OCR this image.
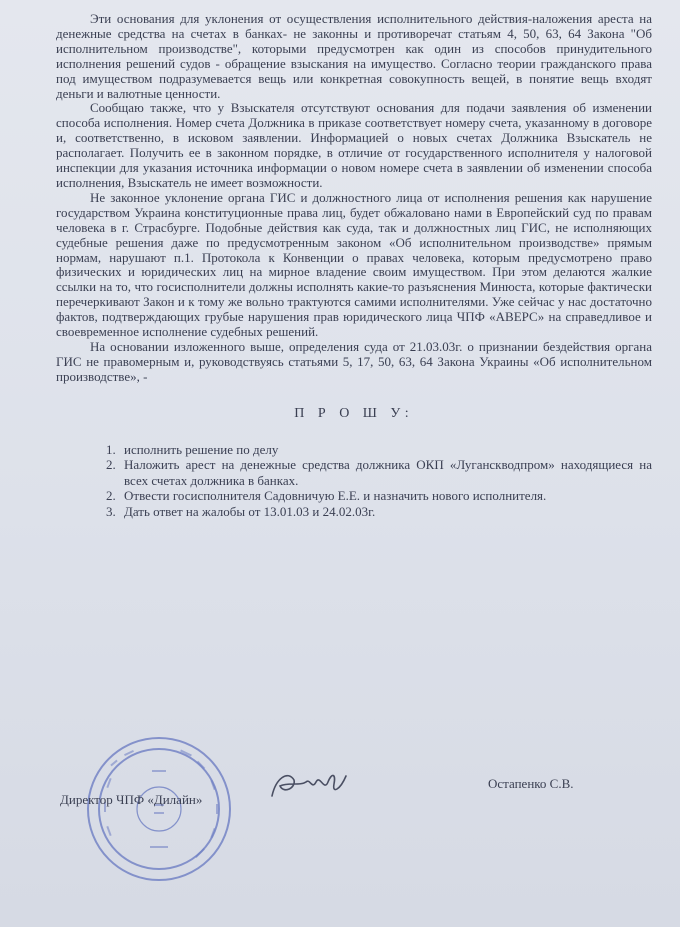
Эти основания для уклонения от осуществления исполнительного действия-наложения ареста на денежные средства на счетах в банках- не законны и противоречат статьям 4, 50, 63, 64 Закона "Об исполнительном производстве", которыми предусмотрен как один из способов принудительного исполнения решений судов - обращение взыскания на имущество. Согласно теории гражданского права под имуществом подразумевается вещь или конкретная совокупность вещей, в понятие вещь входят деньги и валютные ценности.

Сообщаю также, что у Взыскателя отсутствуют основания для подачи заявления об изменении способа исполнения. Номер счета Должника в приказе соответствует номеру счета, указанному в договоре и, соответственно, в исковом заявлении. Информацией о новых счетах Должника Взыскатель не располагает. Получить ее в законном порядке, в отличие от государственного исполнителя у налоговой инспекции для указания источника информации о новом номере счета в заявлении об изменении способа исполнения, Взыскатель не имеет возможности.

Не законное уклонение органа ГИС и должностного лица от исполнения решения как нарушение государством Украина конституционные права лиц, будет обжаловано нами в Европейский суд по правам человека в г. Страсбурге. Подобные действия как суда, так и должностных лиц ГИС, не исполняющих судебные решения даже по предусмотренным законом «Об исполнительном производстве» прямым нормам, нарушают п.1. Протокола к Конвенции о правах человека, которым предусмотрено право физических и юридических лиц на мирное владение своим имуществом. При этом делаются жалкие ссылки на то, что госисполнители должны исполнять какие-то разъяснения Минюста, которые фактически перечеркивают Закон и к тому же вольно трактуются самими исполнителями. Уже сейчас у нас достаточно фактов, подтверждающих грубые нарушения прав юридического лица ЧПФ «АВЕРС» на справедливое и своевременное исполнение судебных решений.

На основании изложенного выше, определения суда от 21.03.03г. о признании бездействия органа ГИС не правомерным и, руководствуясь статьями 5, 17, 50, 63, 64 Закона Украины «Об исполнительном производстве», -

П Р О Ш У:
1. исполнить решение по делу
2. Наложить арест на денежные средства должника ОКП «Луганскводпром» находящиеся на всех счетах должника в банках.
2. Отвести госисполнителя Садовничую Е.Е. и назначить нового исполнителя.
3. Дать ответ на жалобы от 13.01.03 и 24.02.03г.
Директор ЧПФ «Дилайн»
Остапенко С.В.
